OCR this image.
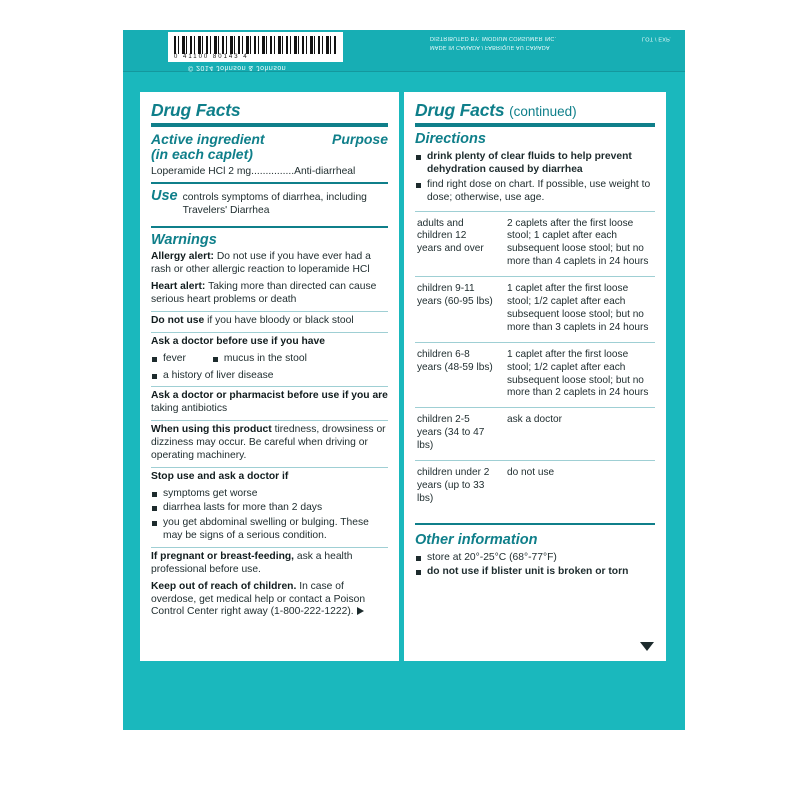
0 41100 80143 4
MADE IN CANADA / FABRIQUE AU CANADA DISTRIBUTED BY: IMODIUM CONSUMER INC.	LOT / EXP.
© 2014 Johnson & Johnson
Drug Facts
Active ingredient
(in each caplet)
Purpose
Loperamide HCl 2 mg...............Anti-diarrheal
Use controls symptoms of diarrhea, including Travelers' Diarrhea
Warnings
Allergy alert: Do not use if you have ever had a rash or other allergic reaction to loperamide HCl
Heart alert: Taking more than directed can cause serious heart problems or death
Do not use if you have bloody or black stool
Ask a doctor before use if you have
fever	mucus in the stool
a history of liver disease
Ask a doctor or pharmacist before use if you are taking antibiotics
When using this product tiredness, drowsiness or dizziness may occur. Be careful when driving or operating machinery.
Stop use and ask a doctor if
symptoms get worse
diarrhea lasts for more than 2 days
you get abdominal swelling or bulging. These may be signs of a serious condition.
If pregnant or breast-feeding, ask a health professional before use.
Keep out of reach of children. In case of overdose, get medical help or contact a Poison Control Center right away (1-800-222-1222).
Drug Facts (continued)
Directions
drink plenty of clear fluids to help prevent dehydration caused by diarrhea
find right dose on chart. If possible, use weight to dose; otherwise, use age.
adults and children 12 years and over	2 caplets after the first loose stool; 1 caplet after each subsequent loose stool; but no more than 4 caplets in 24 hours
children 9-11 years (60-95 lbs)	1 caplet after the first loose stool; 1/2 caplet after each subsequent loose stool; but no more than 3 caplets in 24 hours
children 6-8 years (48-59 lbs)	1 caplet after the first loose stool; 1/2 caplet after each subsequent loose stool; but no more than 2 caplets in 24 hours
children 2-5 years (34 to 47 lbs)	ask a doctor
children under 2 years (up to 33 lbs)	do not use
Other information
store at 20°-25°C (68°-77°F)
do not use if blister unit is broken or torn
